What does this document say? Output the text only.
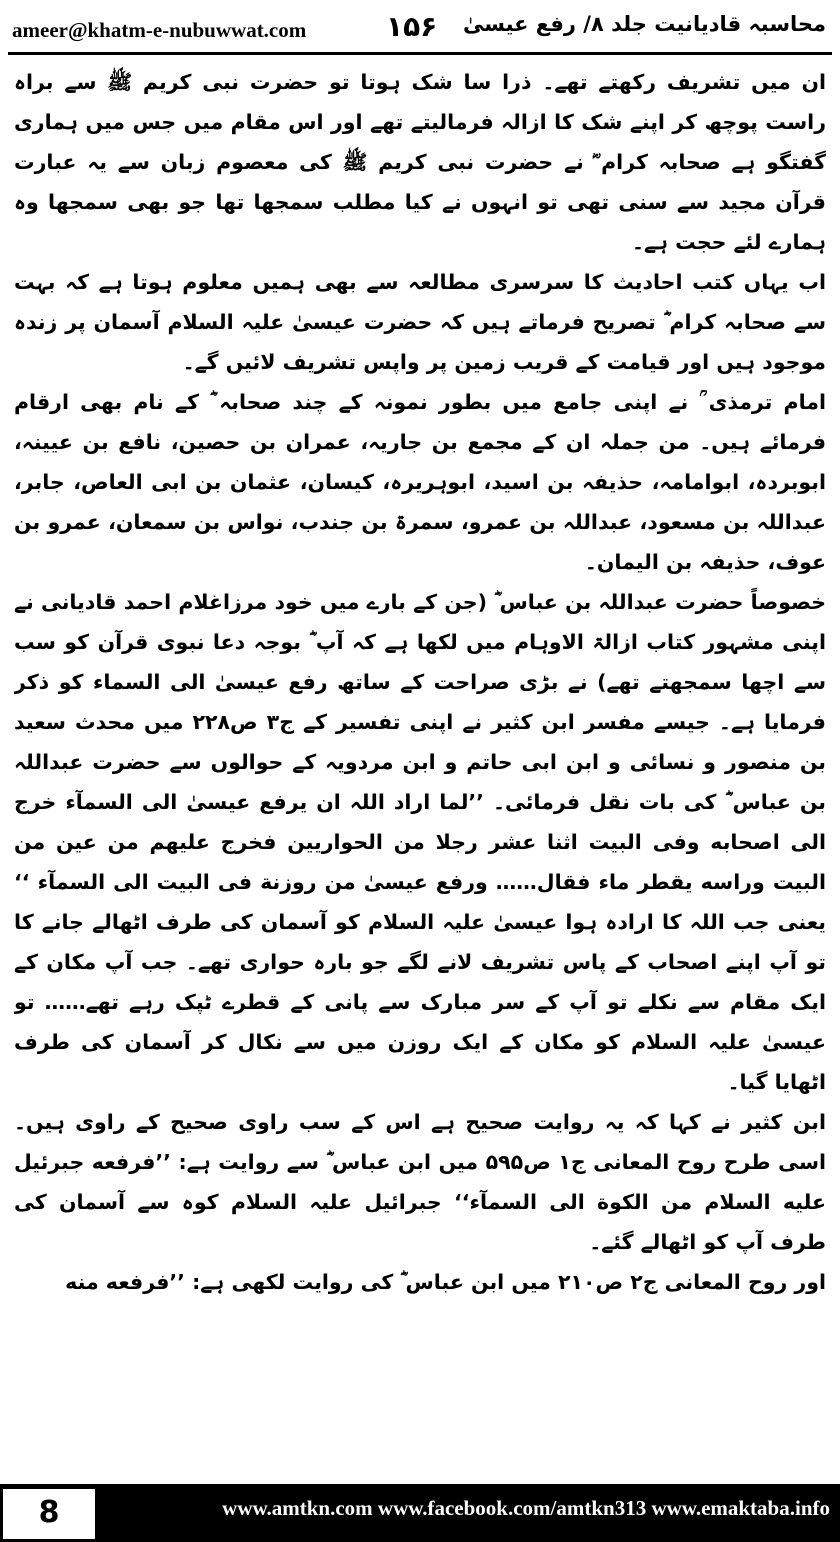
ameer@khatm-e-nubuwwat.com	۱۵۶ محاسبہ قادیانیت جلد ۸/ رفع عیسیٰ

ان میں تشریف رکھتے تھے۔ ذرا سا شک ہوتا تو حضرت نبی کریم ﷺ سے براہ راست پوچھ کر اپنے شک کا ازالہ فرمالیتے تھے اور اس مقام میں جس میں ہماری گفتگو ہے صحابہ کرام ؓ نے حضرت نبی کریم ﷺ کی معصوم زبان سے یہ عبارت قرآن مجید سے سنی تھی تو انہوں نے کیا مطلب سمجھا تھا جو بھی سمجھا وہ ہمارے لئے حجت ہے۔

اب یہاں کتب احادیث کا سرسری مطالعہ سے بھی ہمیں معلوم ہوتا ہے کہ بہت سے صحابہ کرام ؓ تصریح فرماتے ہیں کہ حضرت عیسیٰ علیہ السلام آسمان پر زندہ موجود ہیں اور قیامت کے قریب زمین پر واپس تشریف لائیں گے۔

امام ترمذی ؒ نے اپنی جامع میں بطور نمونہ کے چند صحابہ ؓ کے نام بھی ارقام فرمائے ہیں۔ من جملہ ان کے مجمع بن جاریہ، عمران بن حصین، نافع بن عیینہ، ابوبردہ، ابوامامہ، حذیفہ بن اسید، ابوہریرہ، کیسان، عثمان بن ابی العاص، جابر، عبداللہ بن مسعود، عبداللہ بن عمرو، سمرۃ بن جندب، نواس بن سمعان، عمرو بن عوف، حذیفہ بن الیمان۔

خصوصاً حضرت عبداللہ بن عباس ؓ (جن کے بارے میں خود مرزاغلام احمد قادیانی نے اپنی مشہور کتاب ازالۃ الاوہام میں لکھا ہے کہ آپ ؓ بوجہ دعا نبوی قرآن کو سب سے اچھا سمجھتے تھے) نے بڑی صراحت کے ساتھ رفع عیسیٰ الی السماء کو ذکر فرمایا ہے۔ جیسے مفسر ابن کثیر نے اپنی تفسیر کے ج۳ ص۲۲۸ میں محدث سعید بن منصور و نسائی و ابن ابی حاتم و ابن مردویہ کے حوالوں سے حضرت عبداللہ بن عباس ؓ کی بات نقل فرمائی۔ ’’لما اراد اللہ ان یرفع عیسیٰ الی السمآء خرج الی اصحابه وفی البیت اثنا عشر رجلا من الحواریین فخرج علیهم من عین من البیت وراسه یقطر ماء فقال…… ورفع عیسیٰ من روزنة فی البیت الی السمآء ‘‘ یعنی جب اللہ کا ارادہ ہوا عیسیٰ علیہ السلام کو آسمان کی طرف اٹھالے جانے کا تو آپ اپنے اصحاب کے پاس تشریف لانے لگے جو بارہ حواری تھے۔ جب آپ مکان کے ایک مقام سے نکلے تو آپ کے سر مبارک سے پانی کے قطرے ٹپک رہے تھے…… تو عیسیٰ علیہ السلام کو مکان کے ایک روزن میں سے نکال کر آسمان کی طرف اٹھایا گیا۔

ابن کثیر نے کہا کہ یہ روایت صحیح ہے اس کے سب راوی صحیح کے راوی ہیں۔ اسی طرح روح المعانی ج۱ ص۵۹۵ میں ابن عباس ؓ سے روایت ہے: ’’فرفعه جبرئیل علیه السلام من الکوة الی السمآء‘‘ جبرائیل علیہ السلام کوہ سے آسمان کی طرف آپ کو اٹھالے گئے۔

اور روح المعانی ج۲ ص۲۱۰ میں ابن عباس ؓ کی روایت لکھی ہے: ’’فرفعه منه

8	www.amtkn.com www.facebook.com/amtkn313 www.emaktaba.info
